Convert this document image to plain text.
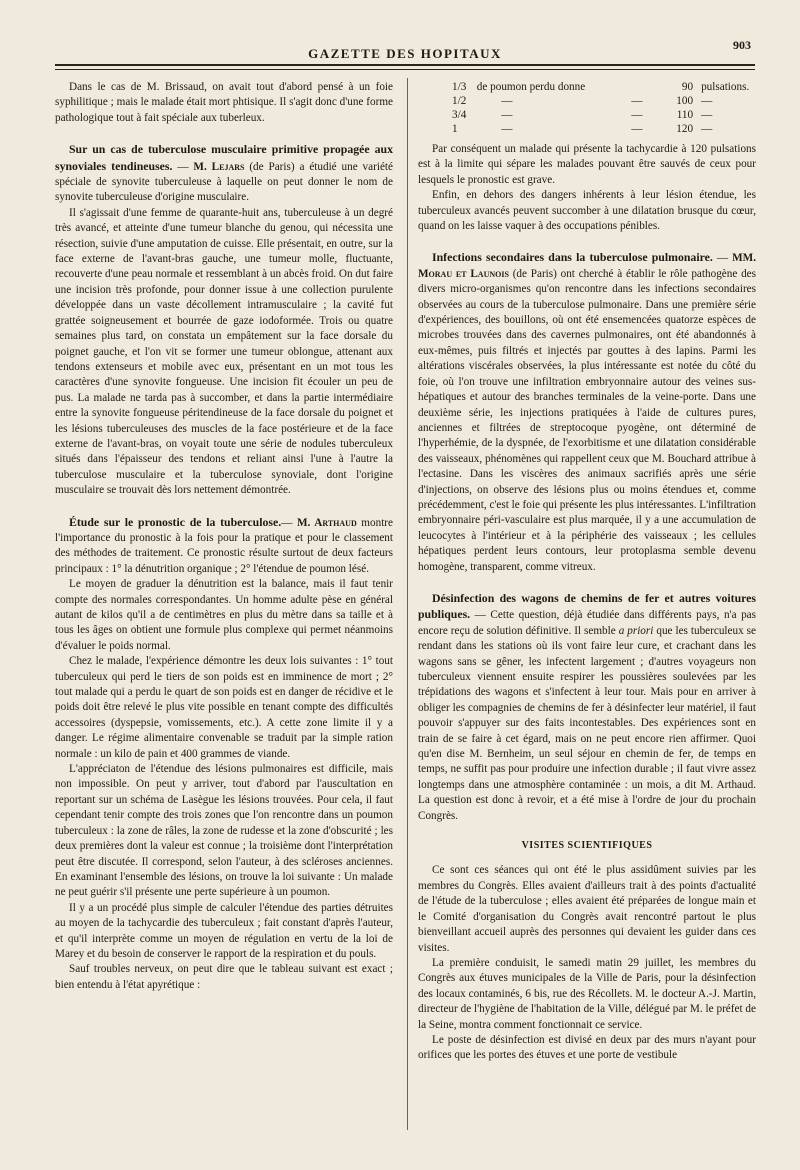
GAZETTE DES HOPITAUX
903

Dans le cas de M. Brissaud, on avait tout d'abord pensé à un foie syphilitique ; mais le malade était mort phtisique. Il s'agit donc d'une forme pathologique tout à fait spéciale aux tuberleux.

Sur un cas de tuberculose musculaire primitive propagée aux synoviales tendineuses. — M. Lejars (de Paris) a étudié une variété spéciale de synovite tuberculeuse à laquelle on peut donner le nom de synovite tuberculeuse d'origine musculaire.

Il s'agissait d'une femme de quarante-huit ans, tuberculeuse à un degré très avancé, et atteinte d'une tumeur blanche du genou, qui nécessita une résection, suivie d'une amputation de cuisse. Elle présentait, en outre, sur la face externe de l'avant-bras gauche, une tumeur molle, fluctuante, recouverte d'une peau normale et ressemblant à un abcès froid. On dut faire une incision très profonde, pour donner issue à une collection purulente développée dans un vaste décollement intramusculaire ; la cavité fut grattée soigneusement et bourrée de gaze iodoformée. Trois ou quatre semaines plus tard, on constata un empâtement sur la face dorsale du poignet gauche, et l'on vit se former une tumeur oblongue, attenant aux tendons extenseurs et mobile avec eux, présentant en un mot tous les caractères d'une synovite fongueuse. Une incision fit écouler un peu de pus. La malade ne tarda pas à succomber, et dans la partie intermédiaire entre la synovite fongueuse péritendineuse de la face dorsale du poignet et les lésions tuberculeuses des muscles de la face postérieure et de la face externe de l'avant-bras, on voyait toute une série de nodules tuberculeux situés dans l'épaisseur des tendons et reliant ainsi l'une à l'autre la tuberculose musculaire et la tuberculose synoviale, dont l'origine musculaire se trouvait dès lors nettement démontrée.

Étude sur le pronostic de la tuberculose.— M. Arthaud montre l'importance du pronostic à la fois pour la pratique et pour le classement des méthodes de traitement. Ce pronostic résulte surtout de deux facteurs principaux : 1° la dénutrition organique ; 2° l'étendue de poumon lésé.

Le moyen de graduer la dénutrition est la balance, mais il faut tenir compte des normales correspondantes. Un homme adulte pèse en général autant de kilos qu'il a de centimètres en plus du mètre dans sa taille et à tous les âges on obtient une formule plus complexe qui permet néanmoins d'évaluer le poids normal.

Chez le malade, l'expérience démontre les deux lois suivantes : 1° tout tuberculeux qui perd le tiers de son poids est en imminence de mort ; 2° tout malade qui a perdu le quart de son poids est en danger de récidive et le poids doit être relevé le plus vite possible en tenant compte des difficultés accessoires (dyspepsie, vomissements, etc.). A cette zone limite il y a danger. Le régime alimentaire convenable se traduit par la simple ration normale : un kilo de pain et 400 grammes de viande.

L'appréciaton de l'étendue des lésions pulmonaires est difficile, mais non impossible. On peut y arriver, tout d'abord par l'auscultation en reportant sur un schéma de Lasègue les lésions trouvées. Pour cela, il faut cependant tenir compte des trois zones que l'on rencontre dans un poumon tuberculeux : la zone de râles, la zone de rudesse et la zone d'obscurité ; les deux premières dont la valeur est connue ; la troisième dont l'interprétation peut être discutée. Il correspond, selon l'auteur, à des scléroses anciennes. En examinant l'ensemble des lésions, on trouve la loi suivante : Un malade ne peut guérir s'il présente une perte supérieure à un poumon.

Il y a un procédé plus simple de calculer l'étendue des parties détruites au moyen de la tachycardie des tuberculeux ; fait constant d'après l'auteur, et qu'il interprète comme un moyen de régulation en vertu de la loi de Marey et du besoin de conserver le rapport de la respiration et du pouls.

Sauf troubles nerveux, on peut dire que le tableau suivant est exact ; bien entendu à l'état apyrétique :

1/3	de poumon perdu donne	90	pulsations.
1/2	— —	100	—
3/4	— —	110	—
1	— —	120	—

Par conséquent un malade qui présente la tachycardie à 120 pulsations est à la limite qui sépare les malades pouvant être sauvés de ceux pour lesquels le pronostic est grave.

Enfin, en dehors des dangers inhérents à leur lésion étendue, les tuberculeux avancés peuvent succomber à une dilatation brusque du cœur, quand on les laisse vaquer à des occupations pénibles.

Infections secondaires dans la tuberculose pulmonaire. — MM. Morau et Launois (de Paris) ont cherché à établir le rôle pathogène des divers micro-organismes qu'on rencontre dans les infections secondaires observées au cours de la tuberculose pulmonaire. Dans une première série d'expériences, des bouillons, où ont été ensemencées quatorze espèces de microbes trouvées dans des cavernes pulmonaires, ont été abandonnés à eux-mêmes, puis filtrés et injectés par gouttes à des lapins. Parmi les altérations viscérales observées, la plus intéressante est notée du côté du foie, où l'on trouve une infiltration embryonnaire autour des veines sus-hépatiques et autour des branches terminales de la veine-porte. Dans une deuxième série, les injections pratiquées à l'aide de cultures pures, anciennes et filtrées de streptocoque pyogène, ont déterminé de l'hyperhémie, de la dyspnée, de l'exorbitisme et une dilatation considérable des vaisseaux, phénomènes qui rappellent ceux que M. Bouchard attribue à l'ectasine. Dans les viscères des animaux sacrifiés après une série d'injections, on observe des lésions plus ou moins étendues et, comme précédemment, c'est le foie qui présente les plus intéressantes. L'infiltration embryonnaire péri-vasculaire est plus marquée, il y a une accumulation de leucocytes à l'intérieur et à la périphérie des vaisseaux ; les cellules hépatiques perdent leurs contours, leur protoplasma semble devenu homogène, transparent, comme vitreux.

Désinfection des wagons de chemins de fer et autres voitures publiques. — Cette question, déjà étudiée dans différents pays, n'a pas encore reçu de solution définitive. Il semble a priori que les tuberculeux se rendant dans les stations où ils vont faire leur cure, et crachant dans les wagons sans se gêner, les infectent largement ; d'autres voyageurs non tuberculeux viennent ensuite respirer les poussières soulevées par les trépidations des wagons et s'infectent à leur tour. Mais pour en arriver à obliger les compagnies de chemins de fer à désinfecter leur matériel, il faut pouvoir s'appuyer sur des faits incontestables. Des expériences sont en train de se faire à cet égard, mais on ne peut encore rien affirmer. Quoi qu'en dise M. Bernheim, un seul séjour en chemin de fer, de temps en temps, ne suffit pas pour produire une infection durable ; il faut vivre assez longtemps dans une atmosphère contaminée : un mois, a dit M. Arthaud. La question est donc à revoir, et a été mise à l'ordre de jour du prochain Congrès.

VISITES SCIENTIFIQUES

Ce sont ces séances qui ont été le plus assidûment suivies par les membres du Congrès. Elles avaient d'ailleurs trait à des points d'actualité de l'étude de la tuberculose ; elles avaient été préparées de longue main et le Comité d'organisation du Congrès avait rencontré partout le plus bienveillant accueil auprès des personnes qui devaient les guider dans ces visites.

La première conduisit, le samedi matin 29 juillet, les membres du Congrès aux étuves municipales de la Ville de Paris, pour la désinfection des locaux contaminés, 6 bis, rue des Récollets. M. le docteur A.-J. Martin, directeur de l'hygiène de l'habitation de la Ville, délégué par M. le préfet de la Seine, montra comment fonctionnait ce service.

Le poste de désinfection est divisé en deux par des murs n'ayant pour orifices que les portes des étuves et une porte de vestibule
